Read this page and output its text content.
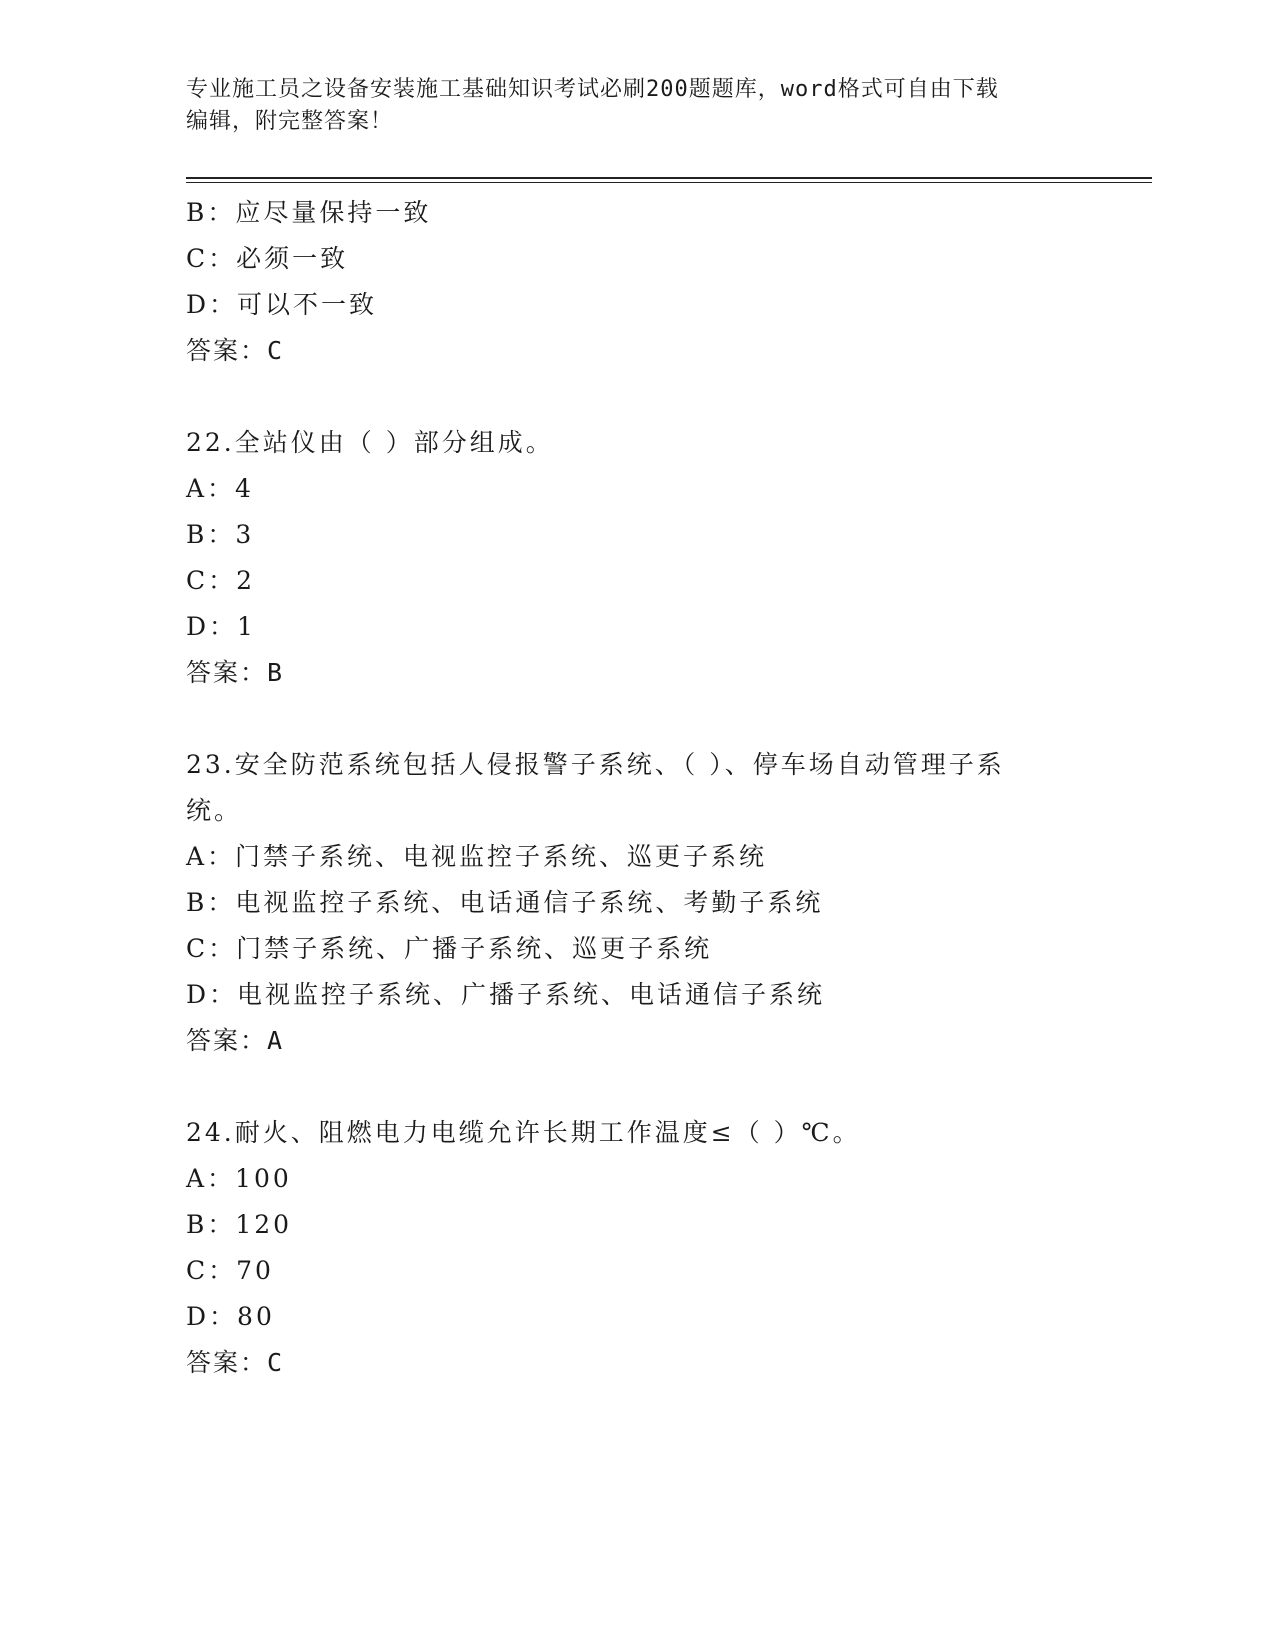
专业施工员之设备安装施工基础知识考试必刷200题题库，word格式可自由下载
编辑，附完整答案！
B：应尽量保持一致
C：必须一致
D：可以不一致
答案：C
22.全站仪由（ ）部分组成。
A：4
B：3
C：2
D：1
答案：B
23.安全防范系统包括人侵报警子系统、（ ）、停车场自动管理子系
统。
A：门禁子系统、电视监控子系统、巡更子系统
B：电视监控子系统、电话通信子系统、考勤子系统
C：门禁子系统、广播子系统、巡更子系统
D：电视监控子系统、广播子系统、电话通信子系统
答案：A
24.耐火、阻燃电力电缆允许长期工作温度≤（ ）℃。
A：100
B：120
C：70
D：80
答案：C
